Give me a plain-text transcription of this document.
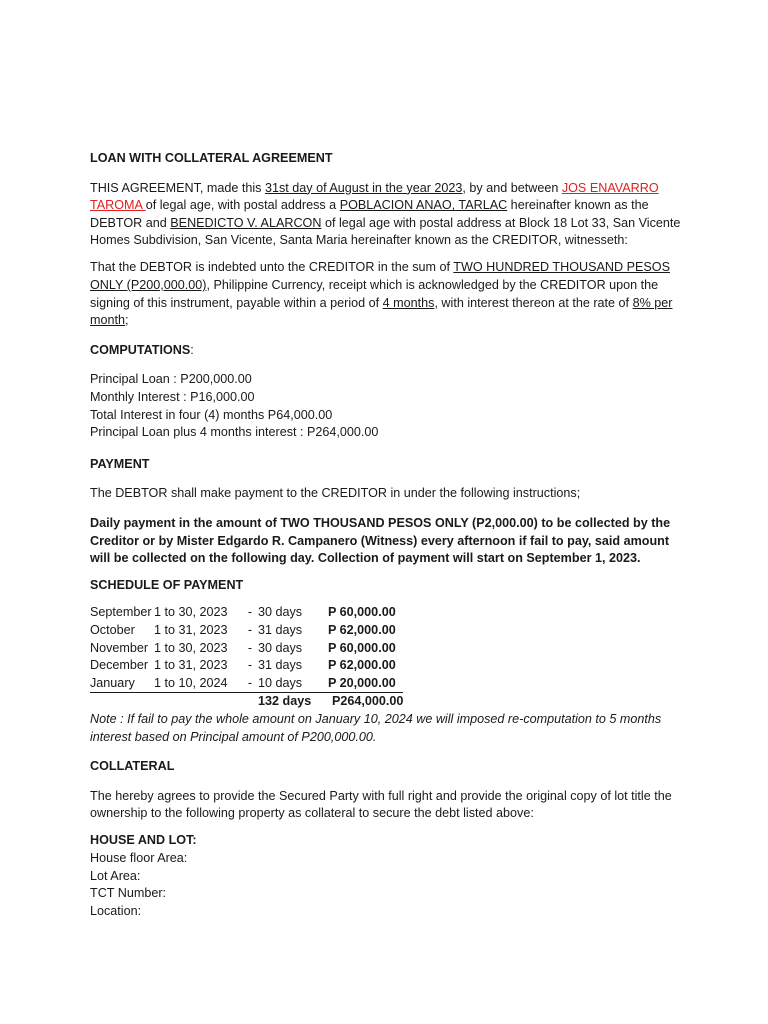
LOAN WITH COLLATERAL AGREEMENT

THIS AGREEMENT, made this 31st day of August in the year 2023, by and between JOS ENAVARRO TAROMA of legal age, with postal address a POBLACION ANAO, TARLAC hereinafter known as the DEBTOR and BENEDICTO V. ALARCON of legal age with postal address at Block 18 Lot 33, San Vicente Homes Subdivision, San Vicente, Santa Maria hereinafter known as the CREDITOR, witnesseth:

That the DEBTOR is indebted unto the CREDITOR in the sum of TWO HUNDRED THOUSAND PESOS ONLY (P200,000.00), Philippine Currency, receipt which is acknowledged by the CREDITOR upon the signing of this instrument, payable within a period of 4 months, with interest thereon at the rate of 8% per month;

COMPUTATIONS:

Principal Loan : P200,000.00

Monthly Interest : P16,000.00

Total Interest in four (4) months P64,000.00

Principal Loan plus 4 months interest : P264,000.00

PAYMENT

The DEBTOR shall make payment to the CREDITOR in under the following instructions;

Daily payment in the amount of TWO THOUSAND PESOS ONLY (P2,000.00) to be collected by the Creditor or by Mister Edgardo R. Campanero (Witness) every afternoon if fail to pay, said amount will be collected on the following day. Collection of payment will start on September 1, 2023.

SCHEDULE OF PAYMENT

September	1 to 30, 2023	-	30 days	P 60,000.00
October	1 to 31, 2023	-	31 days	P 62,000.00
November	1 to 30, 2023	-	30 days	P 60,000.00
December	1 to 31, 2023	-	31 days	P 62,000.00
January	1 to 10, 2024	-	10 days	P 20,000.00
			132 days	P264,000.00

Note : If fail to pay the whole amount on January 10, 2024 we will imposed re-computation to 5 months interest based on Principal amount of P200,000.00.

COLLATERAL

The hereby agrees to provide the Secured Party with full right and provide the original copy of lot title the ownership to the following property as collateral to secure the debt listed above:

HOUSE AND LOT:

House floor Area:

Lot Area:

TCT Number:

Location:
